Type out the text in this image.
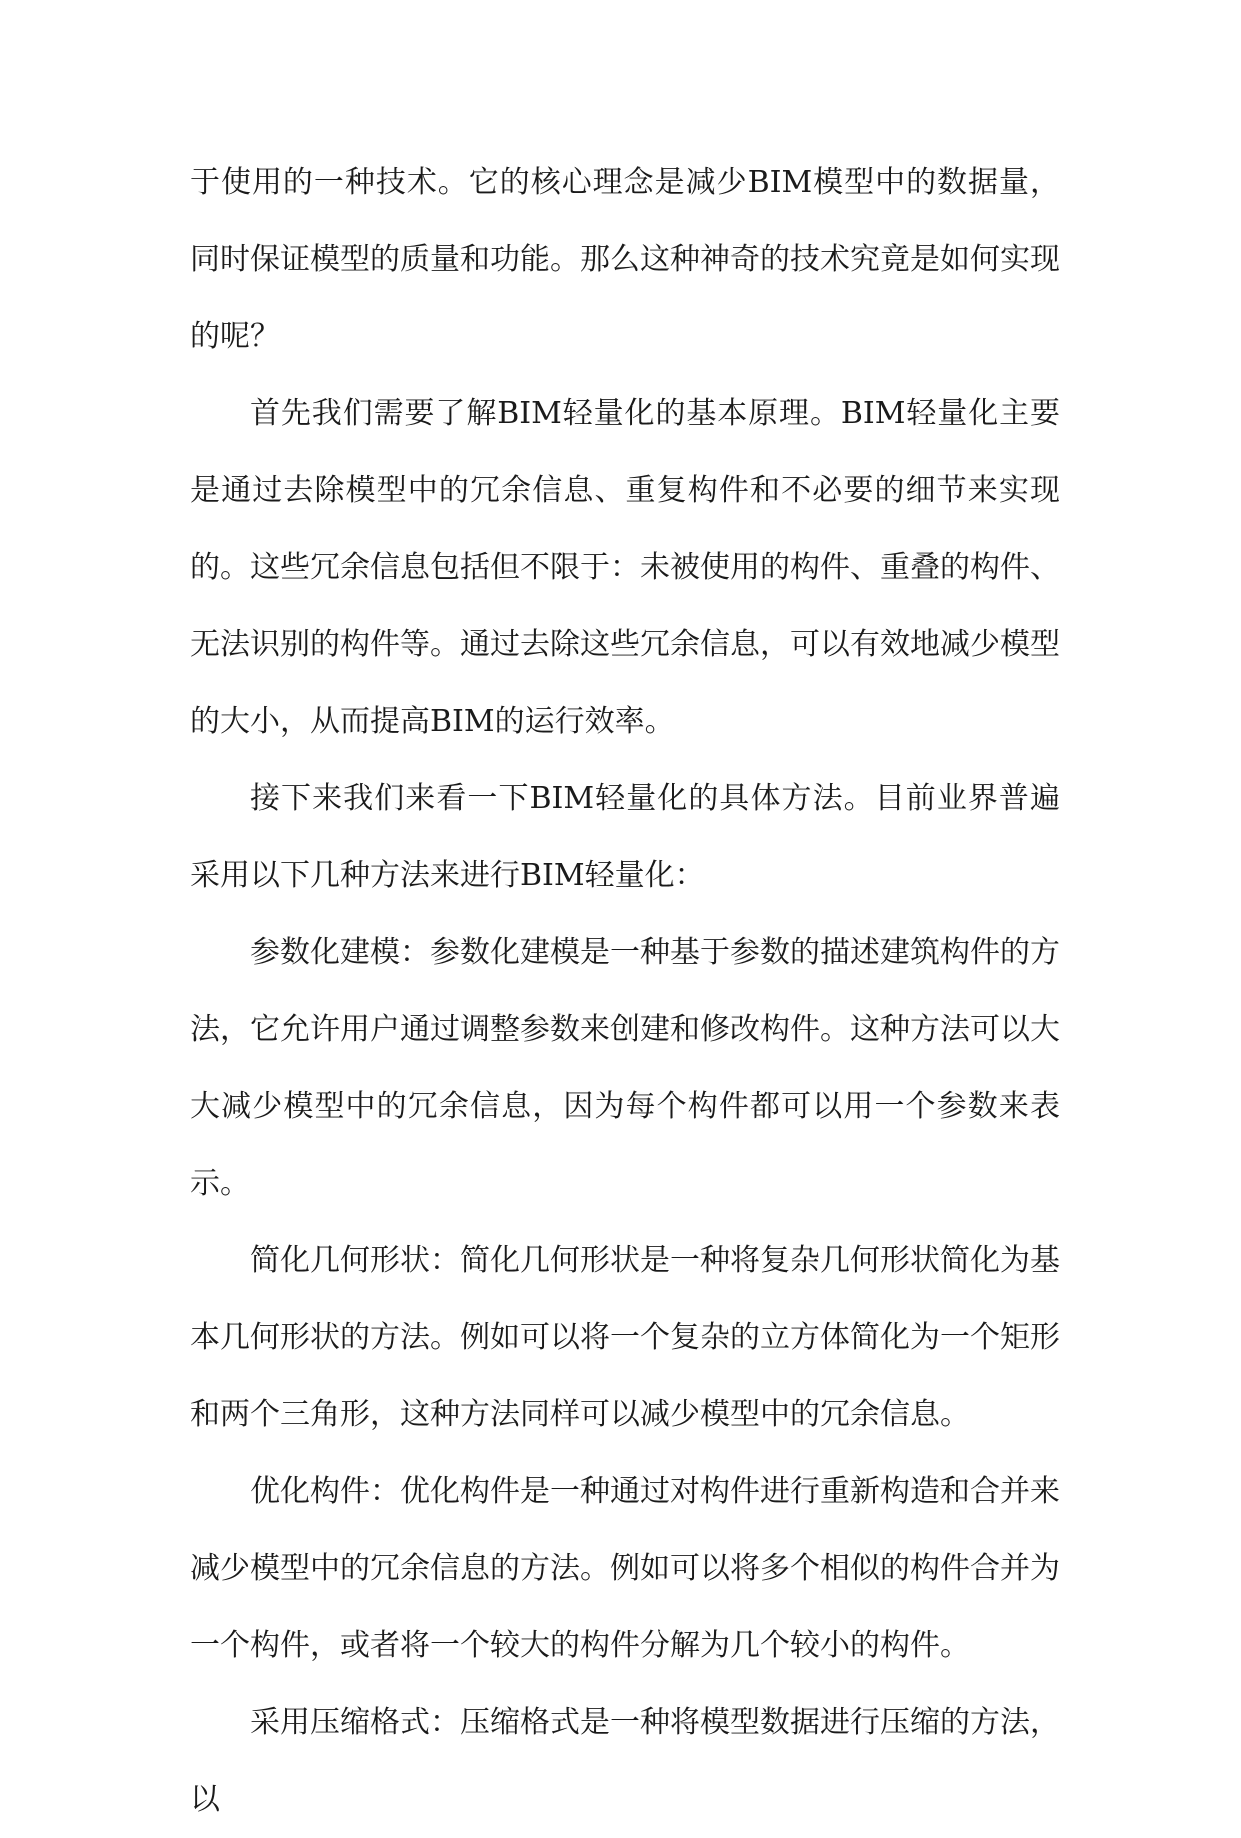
于使用的一种技术。它的核心理念是减少BIM模型中的数据量，同时保证模型的质量和功能。那么这种神奇的技术究竟是如何实现的呢？

首先我们需要了解BIM轻量化的基本原理。BIM轻量化主要是通过去除模型中的冗余信息、重复构件和不必要的细节来实现的。这些冗余信息包括但不限于：未被使用的构件、重叠的构件、无法识别的构件等。通过去除这些冗余信息，可以有效地减少模型的大小，从而提高BIM的运行效率。

接下来我们来看一下BIM轻量化的具体方法。目前业界普遍采用以下几种方法来进行BIM轻量化：

参数化建模：参数化建模是一种基于参数的描述建筑构件的方法，它允许用户通过调整参数来创建和修改构件。这种方法可以大大减少模型中的冗余信息，因为每个构件都可以用一个参数来表示。

简化几何形状：简化几何形状是一种将复杂几何形状简化为基本几何形状的方法。例如可以将一个复杂的立方体简化为一个矩形和两个三角形，这种方法同样可以减少模型中的冗余信息。

优化构件：优化构件是一种通过对构件进行重新构造和合并来减少模型中的冗余信息的方法。例如可以将多个相似的构件合并为一个构件，或者将一个较大的构件分解为几个较小的构件。

采用压缩格式：压缩格式是一种将模型数据进行压缩的方法，以
